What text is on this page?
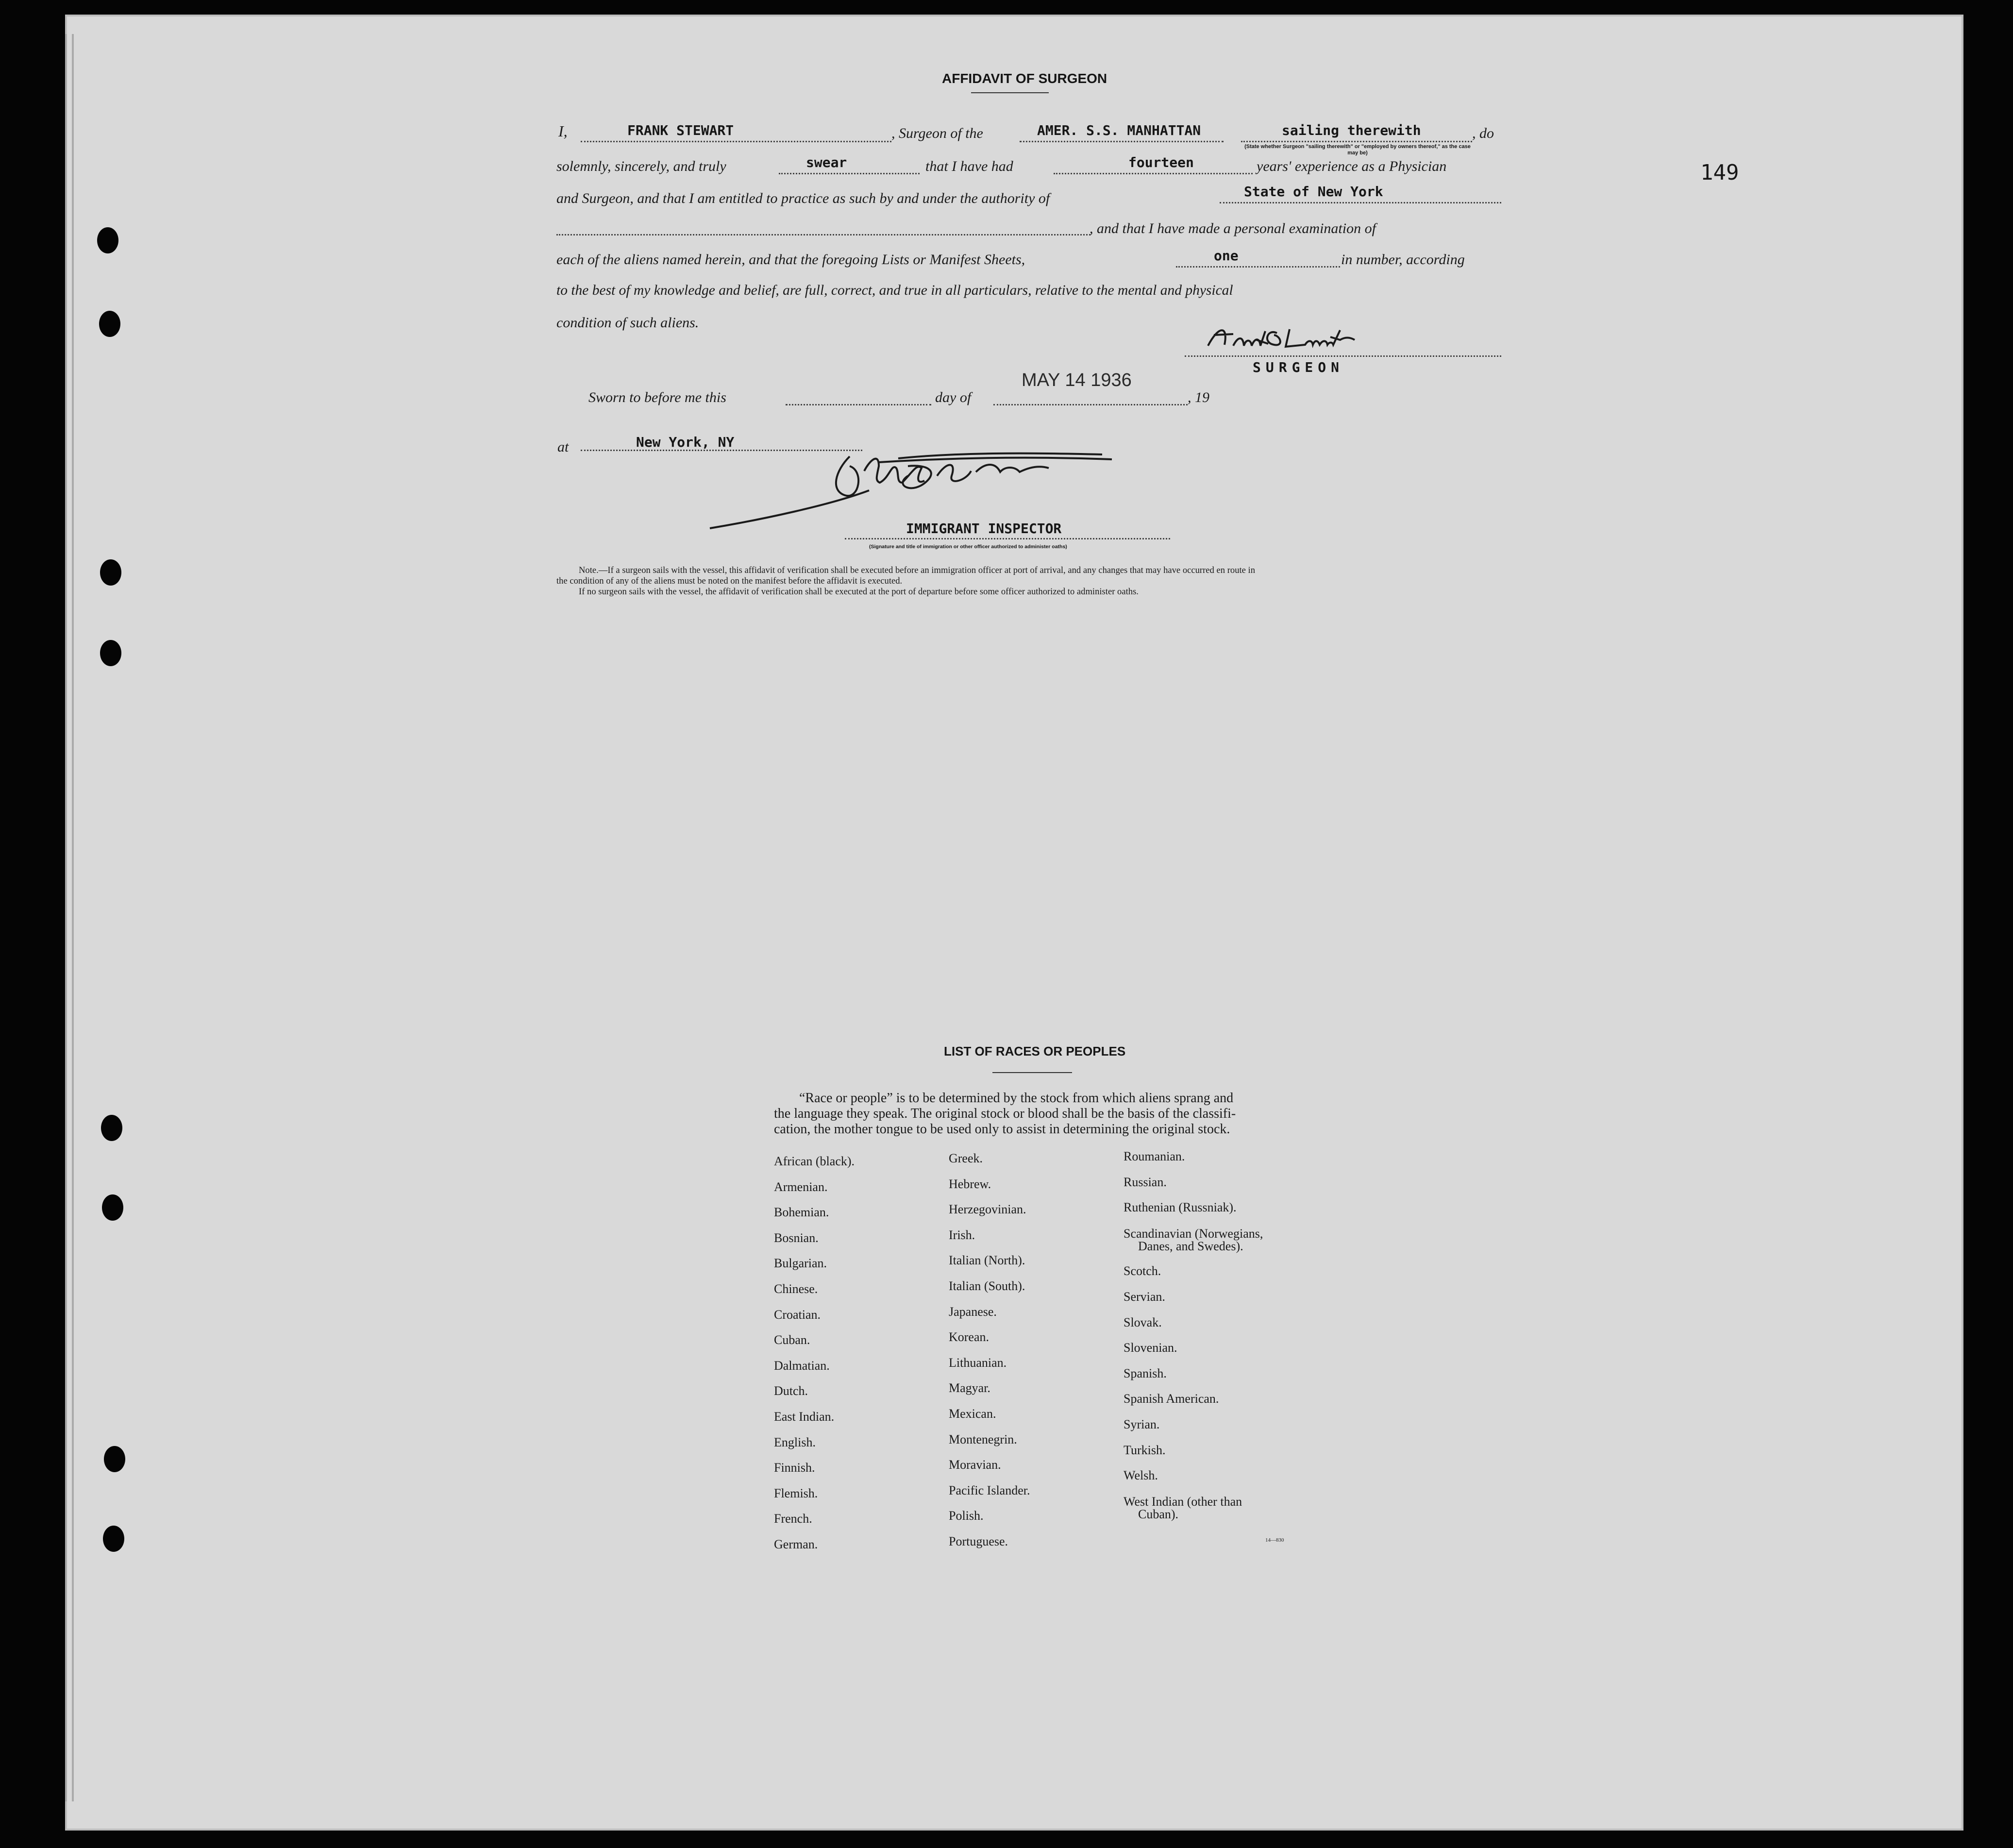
149
AFFIDAVIT OF SURGEON
I,	FRANK STEWART	, Surgeon of the	AMER. S.S. MANHATTAN	sailing therewith	, do
(State whether Surgeon "sailing therewith" or "employed by owners thereof," as the case may be)
solemnly, sincerely, and truly	swear	that I have had	fourteen	years' experience as a Physician
and Surgeon, and that I am entitled to practice as such by and under the authority of	State of New York
, and that I have made a personal examination of
each of the aliens named herein, and that the foregoing Lists or Manifest Sheets,	one	in number, according
to the best of my knowledge and belief, are full, correct, and true in all particulars, relative to the mental and physical
condition of such aliens.
SURGEON
Sworn to before me this	day of
MAY 14 1936
, 19
at	New York, NY
IMMIGRANT INSPECTOR
(Signature and title of immigration or other officer authorized to administer oaths)
Note.—If a surgeon sails with the vessel, this affidavit of verification shall be executed before an immigration officer at port of arrival, and any changes that may have occurred en route in
the condition of any of the aliens must be noted on the manifest before the affidavit is executed.
If no surgeon sails with the vessel, the affidavit of verification shall be executed at the port of departure before some officer authorized to administer oaths.
LIST OF RACES OR PEOPLES
“Race or people” is to be determined by the stock from which aliens sprang and
the language they speak. The original stock or blood shall be the basis of the classifi-
cation, the mother tongue to be used only to assist in determining the original stock.
African (black).
Armenian.
Bohemian.
Bosnian.
Bulgarian.
Chinese.
Croatian.
Cuban.
Dalmatian.
Dutch.
East Indian.
English.
Finnish.
Flemish.
French.
German.
Greek.
Hebrew.
Herzegovinian.
Irish.
Italian (North).
Italian (South).
Japanese.
Korean.
Lithuanian.
Magyar.
Mexican.
Montenegrin.
Moravian.
Pacific Islander.
Polish.
Portuguese.
Roumanian.
Russian.
Ruthenian (Russniak).
Scandinavian (Norwegians,
Danes, and Swedes).
Scotch.
Servian.
Slovak.
Slovenian.
Spanish.
Spanish American.
Syrian.
Turkish.
Welsh.
West Indian (other than
Cuban).
14—830
